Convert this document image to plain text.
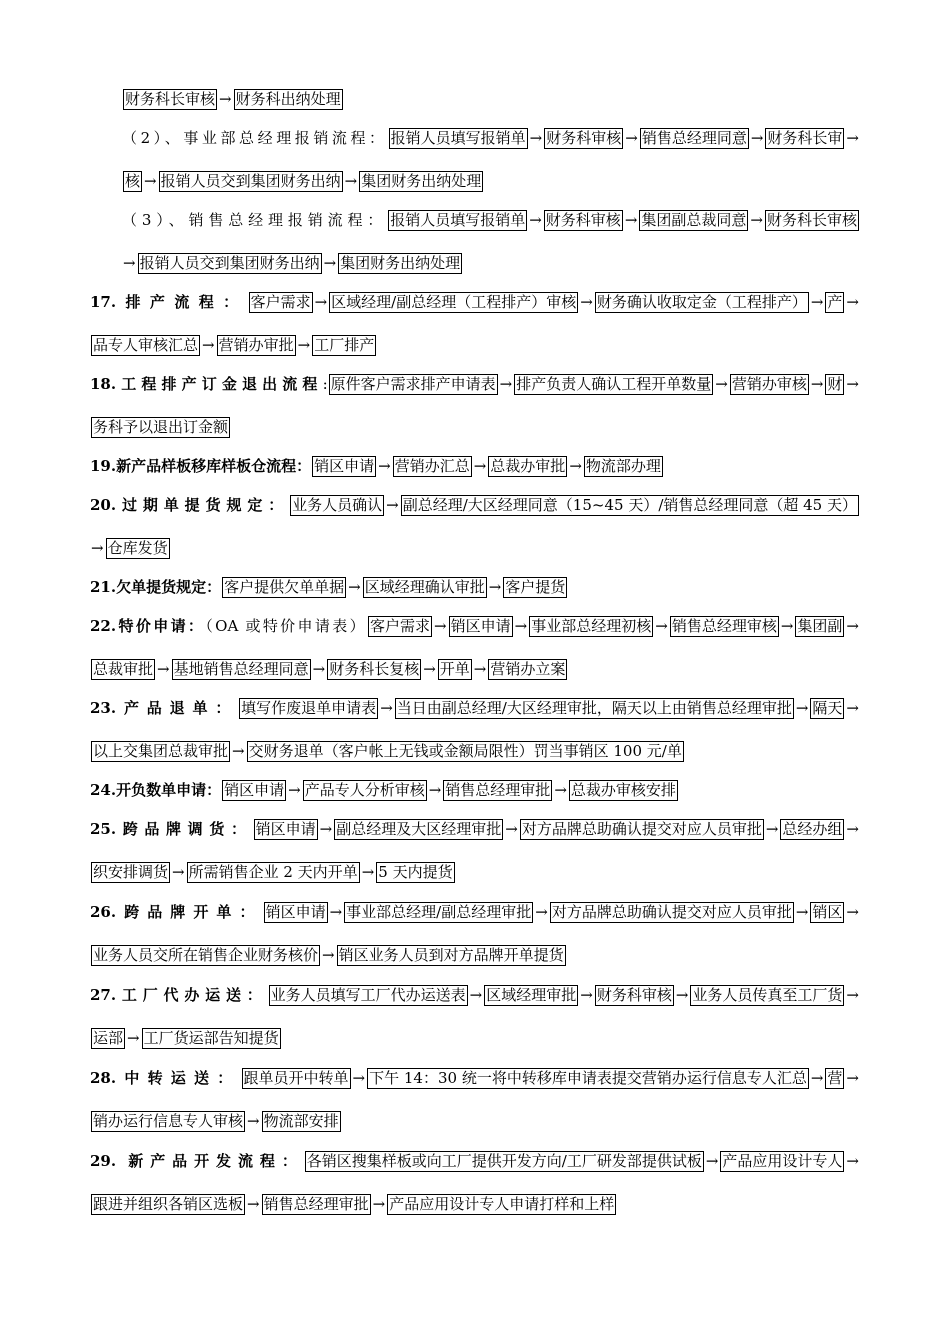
财务科长审核 → 财务科出纳处理
（2）、事业部总经理报销流程： 报销人员填写报销单 → 财务科审核 → 销售总经理同意 → 财务科长审 →
核 → 报销人员交到集团财务出纳 → 集团财务出纳处理
（3）、销售总经理报销流程： 报销人员填写报销单 → 财务科审核 → 集团副总裁同意 → 财务科长审核
→ 报销人员交到集团财务出纳 → 集团财务出纳处理
17.排产流程： 客户需求 → 区域经理/副总经理（工程排产）审核 → 财务确认收取定金（工程排产） → 产 →
品专人审核汇总 → 营销办审批 → 工厂排产
18.工程排产订金退出流程: 原件客户需求排产申请表 → 排产负责人确认工程开单数量 → 营销办审核 → 财 →
务科予以退出订金额
19.新产品样板移库样板仓流程： 销区申请 → 营销办汇总 → 总裁办审批 → 物流部办理
20.过期单提货规定： 业务人员确认 → 副总经理/大区经理同意（15~45 天）/销售总经理同意（超 45 天）
→ 仓库发货
21.欠单提货规定： 客户提供欠单单据 → 区域经理确认审批 → 客户提货
22.特价申请：（OA 或特价申请表） 客户需求 → 销区申请 → 事业部总经理初核 → 销售总经理审核 → 集团副 →
总裁审批 → 基地销售总经理同意 → 财务科长复核 → 开单 → 营销办立案
23.产品退单： 填写作废退单申请表 → 当日由副总经理/大区经理审批，隔天以上由销售总经理审批 → 隔天 →
以上交集团总裁审批 → 交财务退单（客户帐上无钱或金额局限性）罚当事销区 100 元/单
24.开负数单申请： 销区申请 → 产品专人分析审核 → 销售总经理审批 → 总裁办审核安排
25.跨品牌调货： 销区申请 → 副总经理及大区经理审批 → 对方品牌总助确认提交对应人员审批 → 总经办组 →
织安排调货 → 所需销售企业 2 天内开单 → 5 天内提货
26.跨品牌开单： 销区申请 → 事业部总经理/副总经理审批 → 对方品牌总助确认提交对应人员审批 → 销区 →
业务人员交所在销售企业财务核价 →销区业务人员到对方品牌开单提货
27.工厂代办运送： 业务人员填写工厂代办运送表 → 区域经理审批 → 财务科审核 → 业务人员传真至工厂货 →
运部 → 工厂货运部告知提货
28.中转运送： 跟单员开中转单 → 下午 14：30 统一将中转移库申请表提交营销办运行信息专人汇总 → 营 →
销办运行信息专人审核 → 物流部安排
29. 新产品开发流程： 各销区搜集样板或向工厂提供开发方向/工厂研发部提供试板 → 产品应用设计专人 →
跟进并组织各销区选板 → 销售总经理审批 → 产品应用设计专人申请打样和上样
